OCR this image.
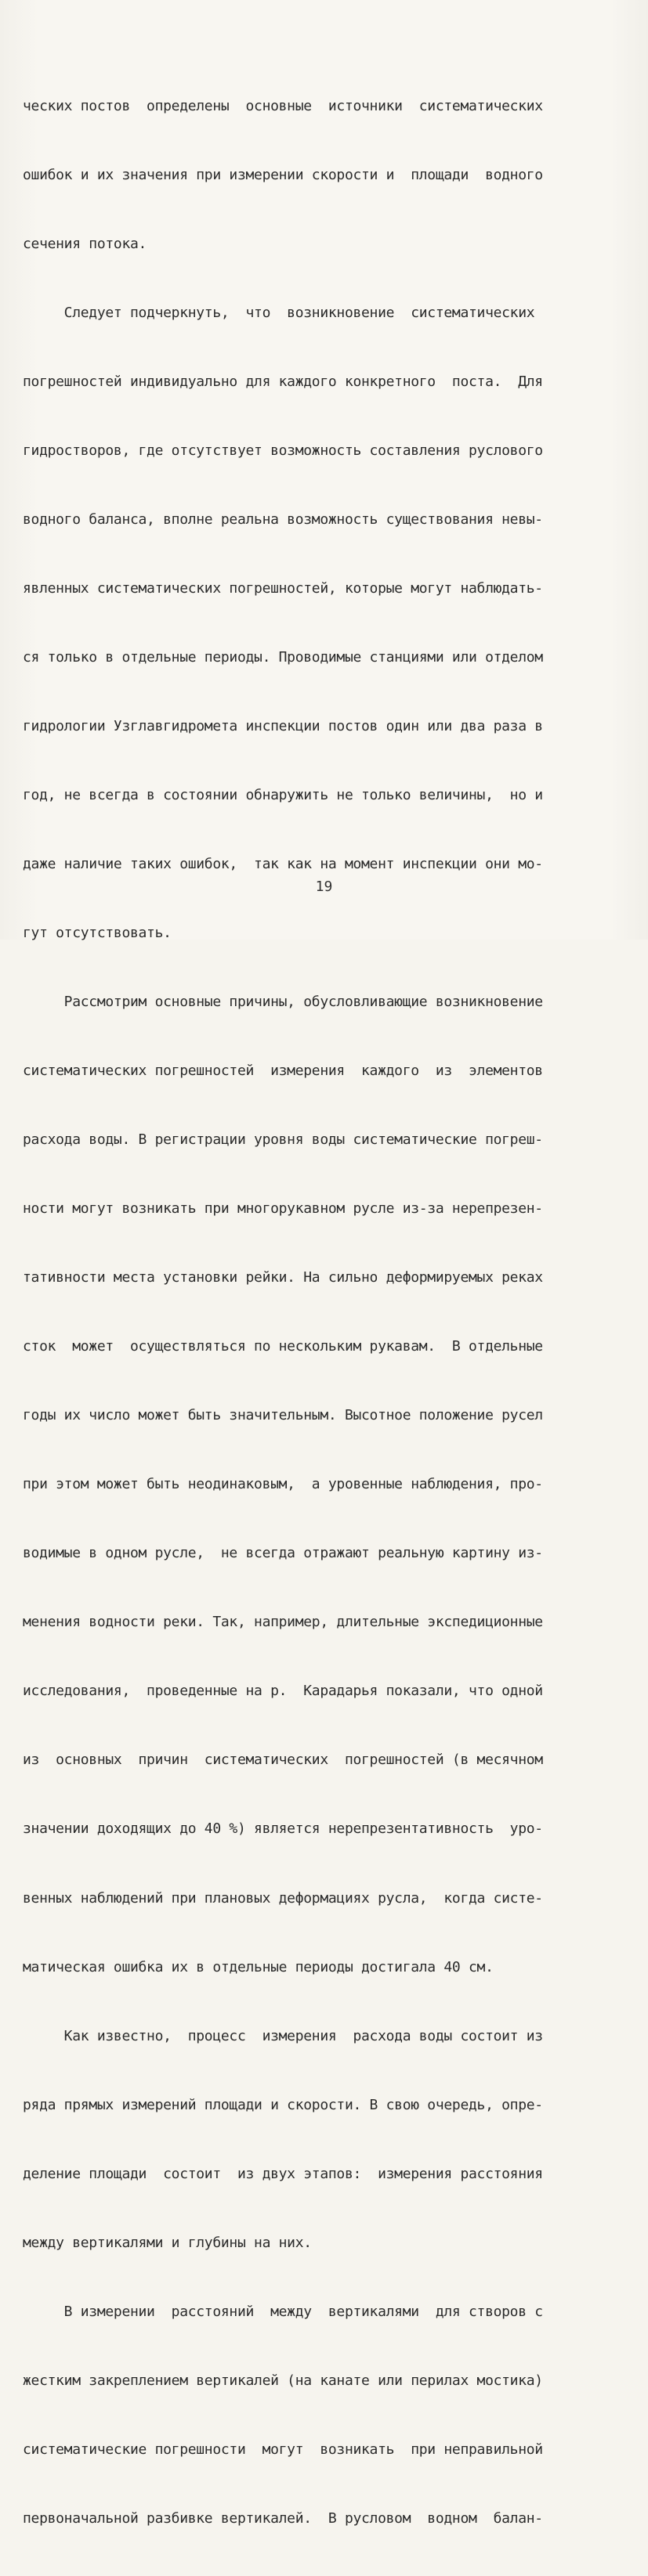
ческих постов  определены  основные  источники  систематических

ошибок и их значения при измерении скорости и  площади  водного

сечения потока.

Следует подчеркнуть,  что  возникновение  систематических

погрешностей индивидуально для каждого конкретного  поста.  Для

гидростворов, где отсутствует возможность составления руслового

водного баланса, вполне реальна возможность существования невы-

явленных систематических погрешностей, которые могут наблюдать-

ся только в отдельные периоды. Проводимые станциями или отделом

гидрологии Узглавгидромета инспекции постов один или два раза в

год, не всегда в состоянии обнаружить не только величины,  но и

даже наличие таких ошибок,  так как на момент инспекции они мо-

гут отсутствовать.

Рассмотрим основные причины, обусловливающие возникновение

систематических погрешностей  измерения  каждого  из  элементов

расхода воды. В регистрации уровня воды систематические погреш-

ности могут возникать при многорукавном русле из-за нерепрезен-

тативности места установки рейки. На сильно деформируемых реках

сток  может  осуществляться по нескольким рукавам.  В отдельные

годы их число может быть значительным. Высотное положение русел

при этом может быть неодинаковым,  а уровенные наблюдения, про-

водимые в одном русле,  не всегда отражают реальную картину из-

менения водности реки. Так, например, длительные экспедиционные

исследования,  проведенные на р.  Карадарья показали, что одной

из  основных  причин  систематических  погрешностей (в месячном

значении доходящих до 40 %) является нерепрезентативность  уро-

венных наблюдений при плановых деформациях русла,  когда систе-

матическая ошибка их в отдельные периоды достигала 40 см.

Как известно,  процесс  измерения  расхода воды состоит из

ряда прямых измерений площади и скорости. В свою очередь, опре-

деление площади  состоит  из двух этапов:  измерения расстояния

между вертикалями и глубины на них.

В измерении  расстояний  между  вертикалями  для створов с

жестким закреплением вертикалей (на канате или перилах мостика)

систематические погрешности  могут  возникать  при неправильной

первоначальной разбивке вертикалей.  В русловом  водном  балан-

19
